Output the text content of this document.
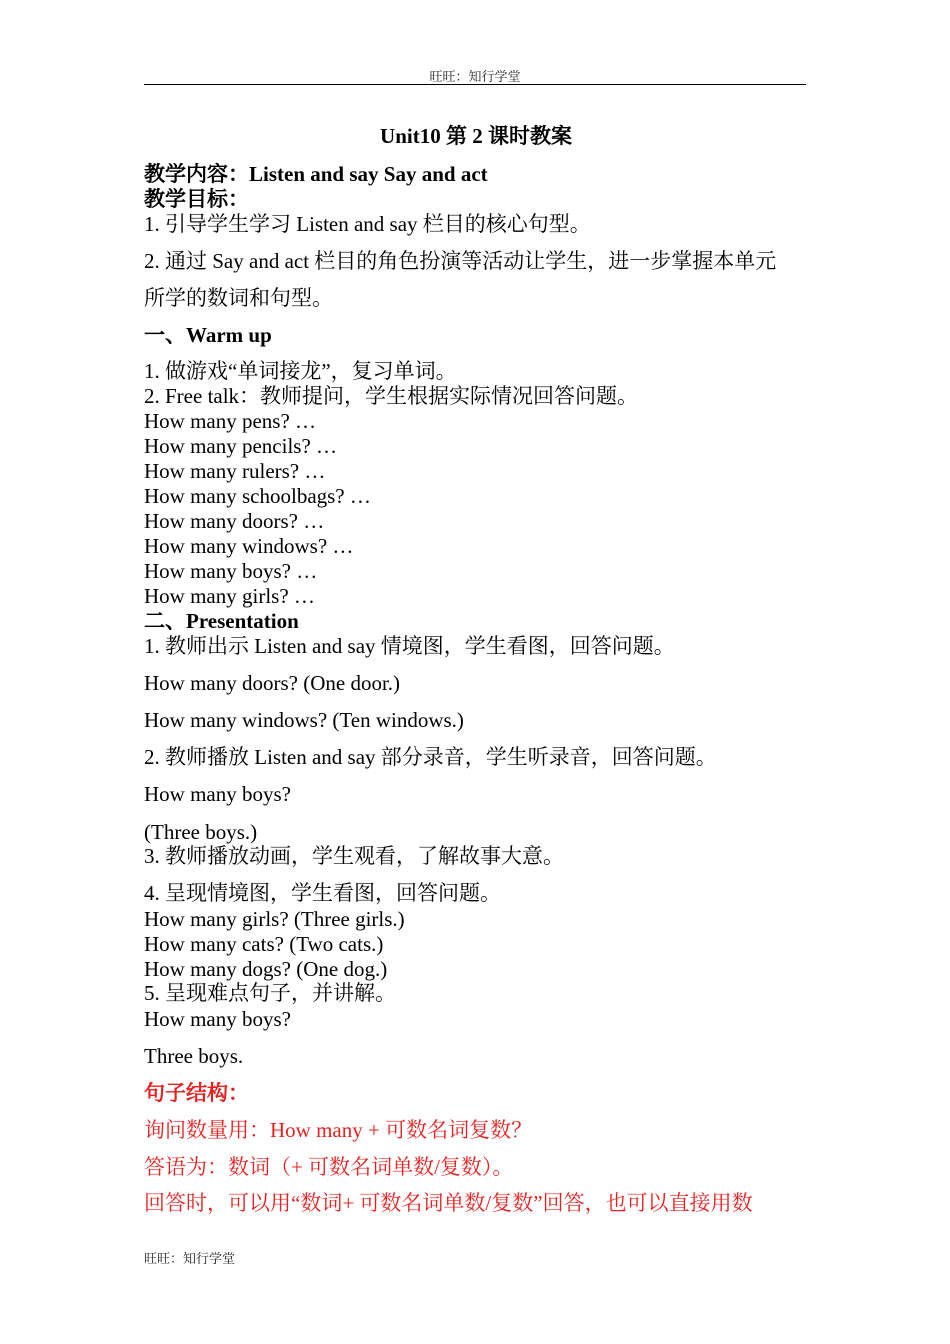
旺旺：知行学堂
Unit10 第 2 课时教案
教学内容：Listen and say Say and act
教学目标：
1. 引导学生学习 Listen and say 栏目的核心句型。
2. 通过 Say and act 栏目的角色扮演等活动让学生，进一步掌握本单元
所学的数词和句型。
一、Warm up
1. 做游戏“单词接龙”，复习单词。
2. Free talk：教师提问，学生根据实际情况回答问题。
How many pens? …
How many pencils? …
How many rulers? …
How many schoolbags? …
How many doors? …
How many windows? …
How many boys? …
How many girls? …
二、Presentation
1. 教师出示 Listen and say 情境图，学生看图，回答问题。
How many doors? (One door.)
How many windows? (Ten windows.)
2. 教师播放 Listen and say 部分录音，学生听录音，回答问题。
How many boys?
(Three boys.)
3. 教师播放动画，学生观看，了解故事大意。
4. 呈现情境图，学生看图，回答问题。
How many girls? (Three girls.)
How many cats? (Two cats.)
How many dogs? (One dog.)
5. 呈现难点句子，并讲解。
How many boys?
Three boys.
句子结构：
询问数量用：How many + 可数名词复数？
答语为：数词（+ 可数名词单数/复数）。
回答时，可以用“数词+ 可数名词单数/复数”回答，也可以直接用数
旺旺：知行学堂
